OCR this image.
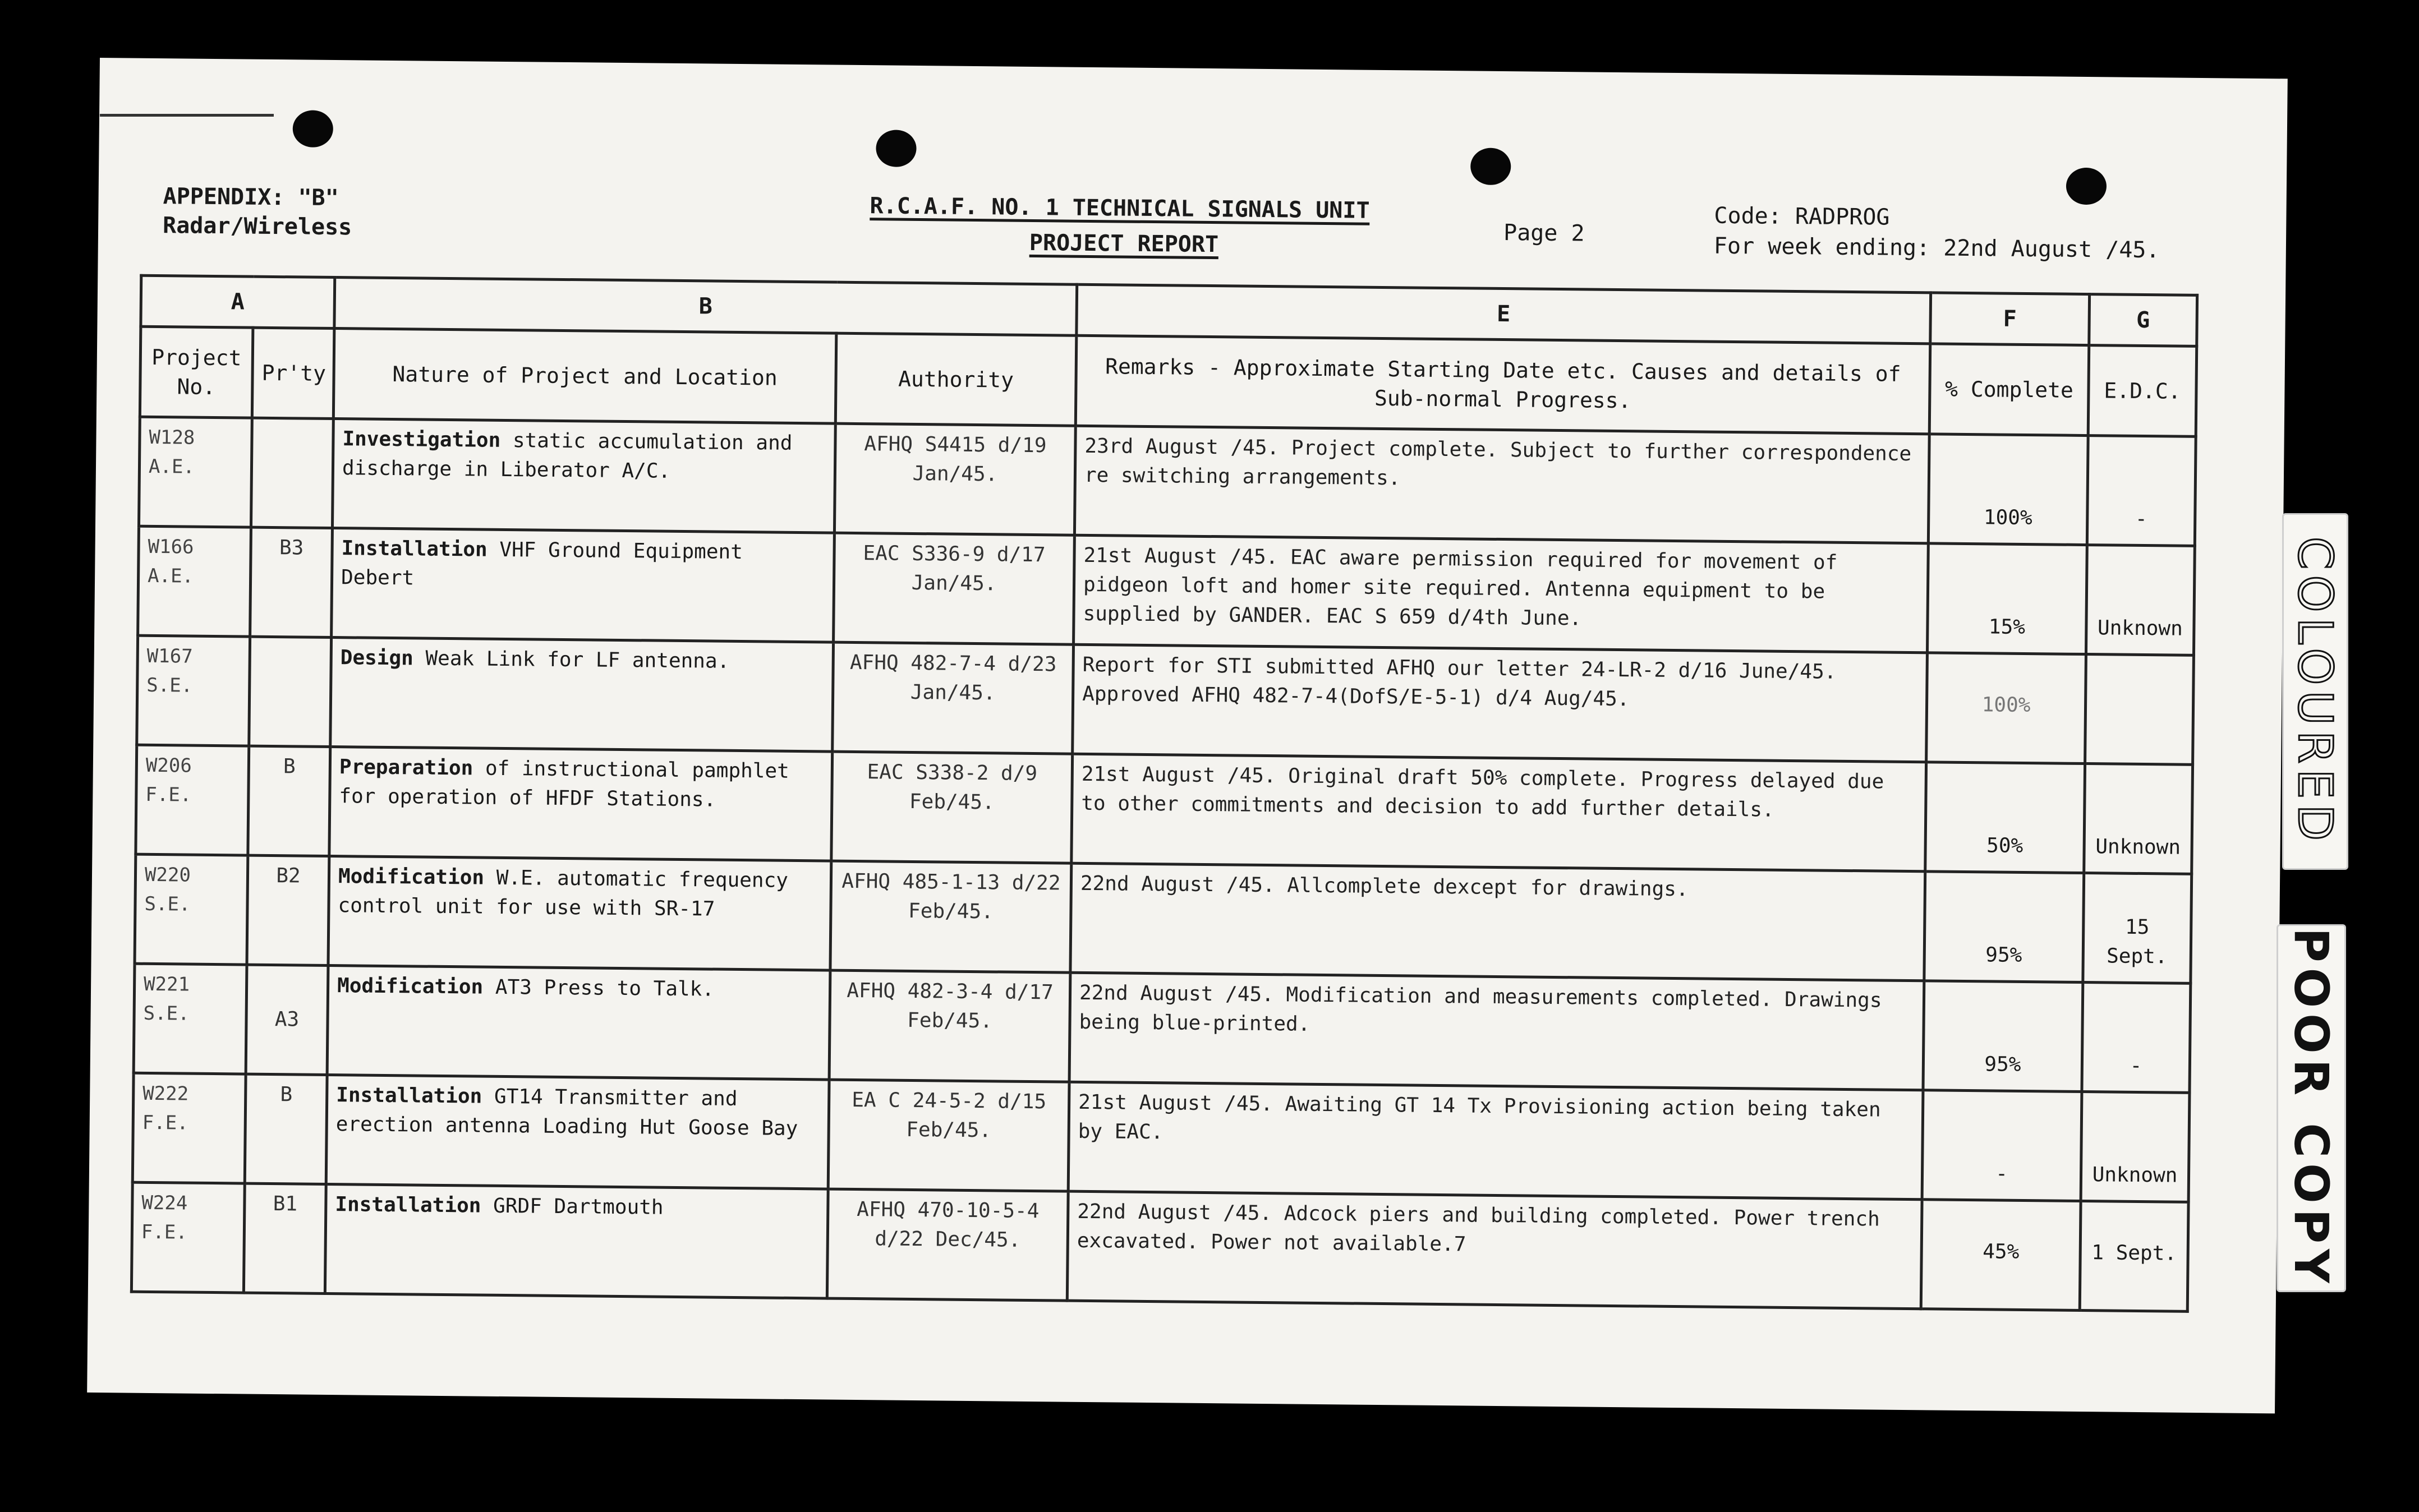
APPENDIX: "B"
Radar/Wireless
R.C.A.F. NO. 1 TECHNICAL SIGNALS UNIT
PROJECT REPORT	Page 2
Code: RADPROG
For week ending: 22nd August /45.
A		B		E	F	G
Project No.	Pr'ty	Nature of Project and Location	Authority	Remarks - Approximate Starting Date etc. Causes and details of Sub-normal Progress.	% Complete	E.D.C.
W128 A.E.		Investigation static accumulation and discharge in Liberator A/C.	AFHQ S4415 d/19 Jan/45.	23rd August /45. Project complete. Subject to further correspondence re switching arrangements.	100%	-
W166 A.E.	B3	Installation VHF Ground Equipment Debert	EAC S336-9 d/17 Jan/45.	21st August /45. EAC aware permission required for movement of pidgeon loft and homer site required. Antenna equipment to be supplied by GANDER. EAC S 659 d/4th June.	15%	Unknown
W167 S.E.		Design Weak Link for LF antenna.	AFHQ 482-7-4 d/23 Jan/45.	Report for STI submitted AFHQ our letter 24-LR-2 d/16 June/45. Approved AFHQ 482-7-4(DofS/E-5-1) d/4 Aug/45.	100%	
W206 F.E.	B	Preparation of instructional pamphlet for operation of HFDF Stations.	EAC S338-2 d/9 Feb/45.	21st August /45. Original draft 50% complete. Progress delayed due to other commitments and decision to add further details.	50%	Unknown
W220 S.E.	B2	Modification W.E. automatic frequency control unit for use with SR-17	AFHQ 485-1-13 d/22 Feb/45.	22nd August /45. Allcomplete dexcept for drawings.	95%	15 Sept.
W221 S.E.	A3	Modification AT3 Press to Talk.	AFHQ 482-3-4 d/17 Feb/45.	22nd August /45. Modification and measurements completed. Drawings being blue-printed.	95%	-
W222 F.E.	B	Installation GT14 Transmitter and erection antenna Loading Hut Goose Bay	EA C 24-5-2 d/15 Feb/45.	21st August /45. Awaiting GT 14 Tx Provisioning action being taken by EAC.	-	Unknown
W224 F.E.	B1	Installation GRDF Dartmouth	AFHQ 470-10-5-4 d/22 Dec/45.	22nd August /45. Adcock piers and building completed. Power trench excavated. Power not available.7	45%	1 Sept.
COLOURED
POOR COPY
